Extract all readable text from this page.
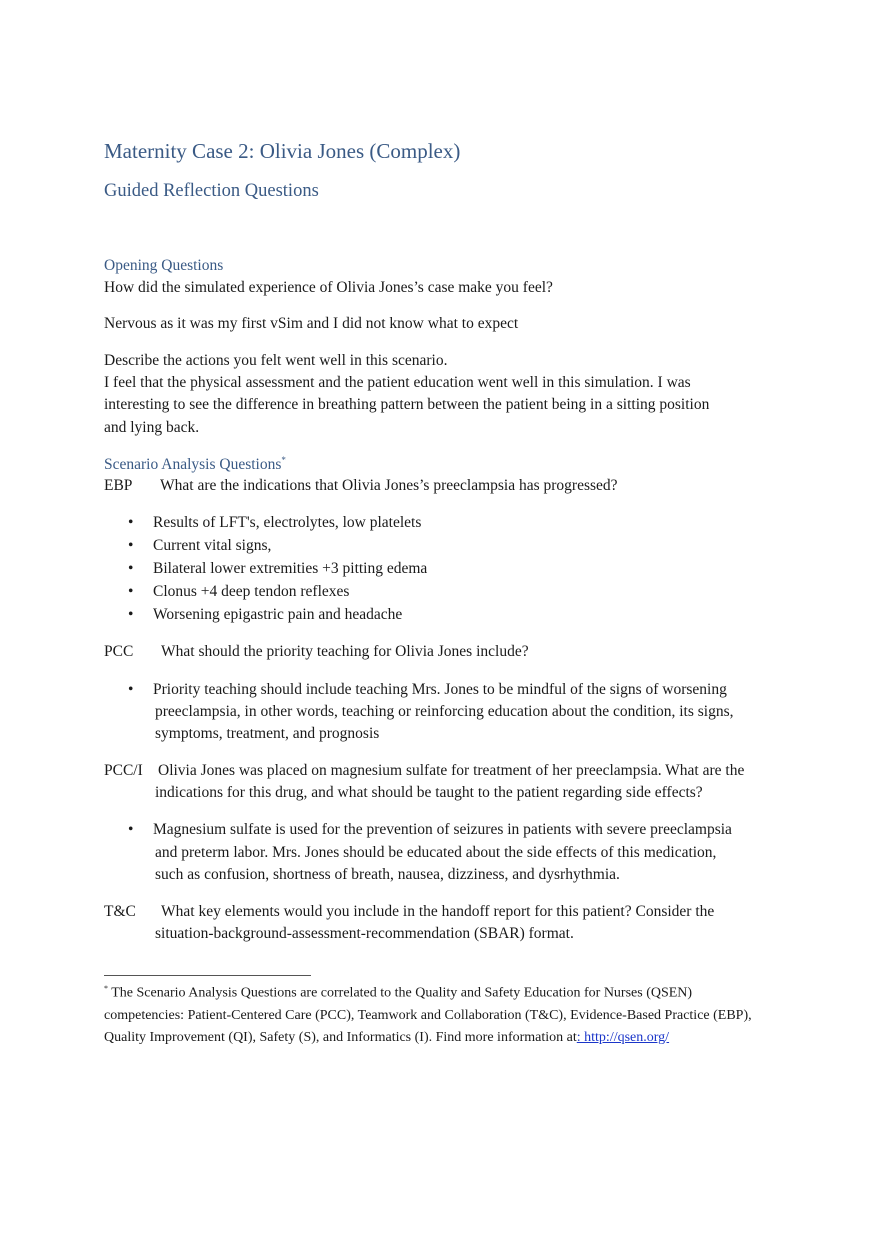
Maternity Case 2: Olivia Jones (Complex)
Guided Reflection Questions
Opening Questions
How did the simulated experience of Olivia Jones’s case make you feel?
Nervous as it was my first vSim and I did not know what to expect
Describe the actions you felt went well in this scenario.
I feel that the physical assessment and the patient education went well in this simulation. I was
interesting to see the difference in breathing pattern between the patient being in a sitting position
and lying back.
Scenario Analysis Questions*
EBP What are the indications that Olivia Jones’s preeclampsia has progressed?
• Results of LFT's, electrolytes, low platelets
• Current vital signs,
• Bilateral lower extremities +3 pitting edema
• Clonus +4 deep tendon reflexes
• Worsening epigastric pain and headache
PCC What should the priority teaching for Olivia Jones include?
• Priority teaching should include teaching Mrs. Jones to be mindful of the signs of worsening
preeclampsia, in other words, teaching or reinforcing education about the condition, its signs,
symptoms, treatment, and prognosis
PCC/I Olivia Jones was placed on magnesium sulfate for treatment of her preeclampsia. What are the
indications for this drug, and what should be taught to the patient regarding side effects?
• Magnesium sulfate is used for the prevention of seizures in patients with severe preeclampsia
and preterm labor. Mrs. Jones should be educated about the side effects of this medication,
such as confusion, shortness of breath, nausea, dizziness, and dysrhythmia.
T&C What key elements would you include in the handoff report for this patient? Consider the
situation-background-assessment-recommendation (SBAR) format.
* The Scenario Analysis Questions are correlated to the Quality and Safety Education for Nurses (QSEN)
competencies: Patient-Centered Care (PCC), Teamwork and Collaboration (T&C), Evidence-Based Practice (EBP),
Quality Improvement (QI), Safety (S), and Informatics (I). Find more information at: http://qsen.org/
